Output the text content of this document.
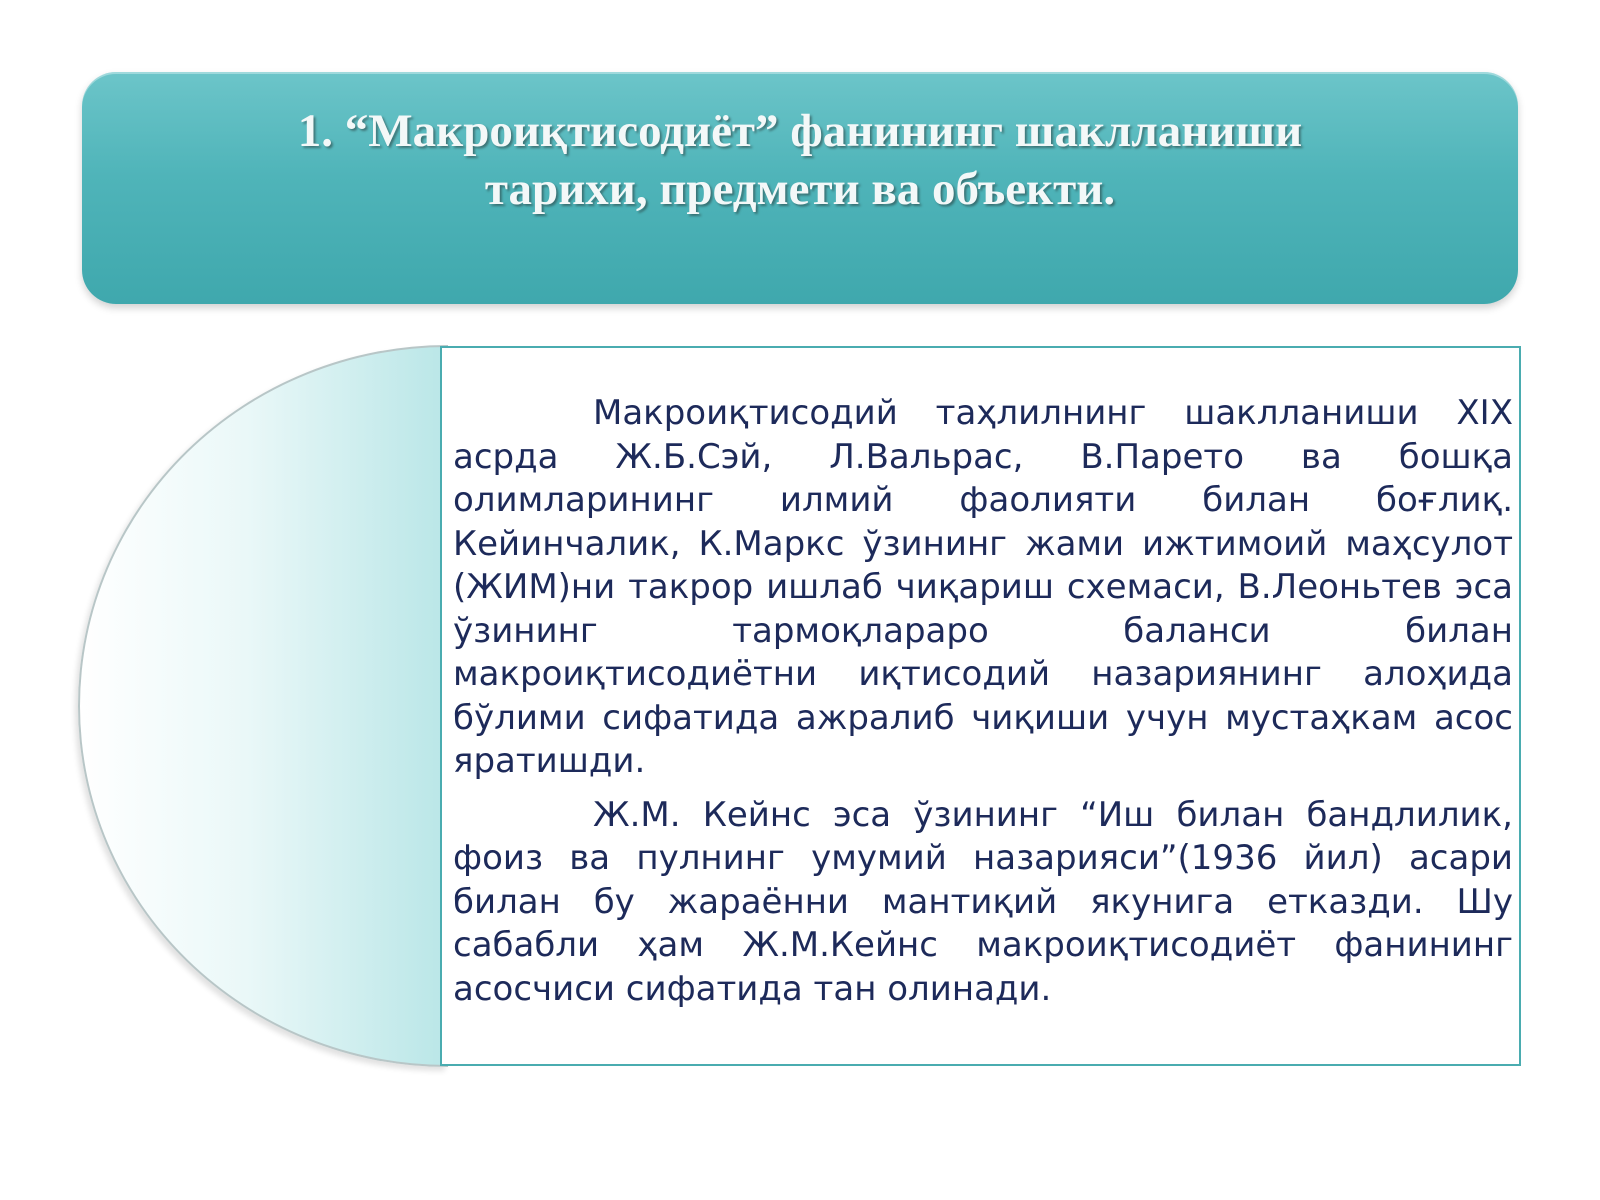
1. “Макроиқтисодиёт” фанининг шаклланиши
тарихи, предмети ва объекти.

Макроиқтисодий таҳлилнинг шаклланиши XIX асрда Ж.Б.Сэй, Л.Вальрас, В.Парето ва бошқа олимларининг илмий фаолияти билан боғлиқ. Кейинчалик, К.Маркс ўзининг жами ижтимоий маҳсулот (ЖИМ)ни такрор ишлаб чиқариш схемаси, В.Леоньтев эса ўзининг тармоқлараро баланси билан макроиқтисодиётни иқтисодий назариянинг алоҳида бўлими сифатида ажралиб чиқиши учун мустаҳкам асос яратишди.

Ж.М. Кейнс эса ўзининг “Иш билан бандлилик, фоиз ва пулнинг умумий назарияси”(1936 йил) асари билан бу жараённи мантиқий якунига етказди. Шу сабабли ҳам Ж.М.Кейнс макроиқтисодиёт фанининг асосчиси сифатида тан олинади.
